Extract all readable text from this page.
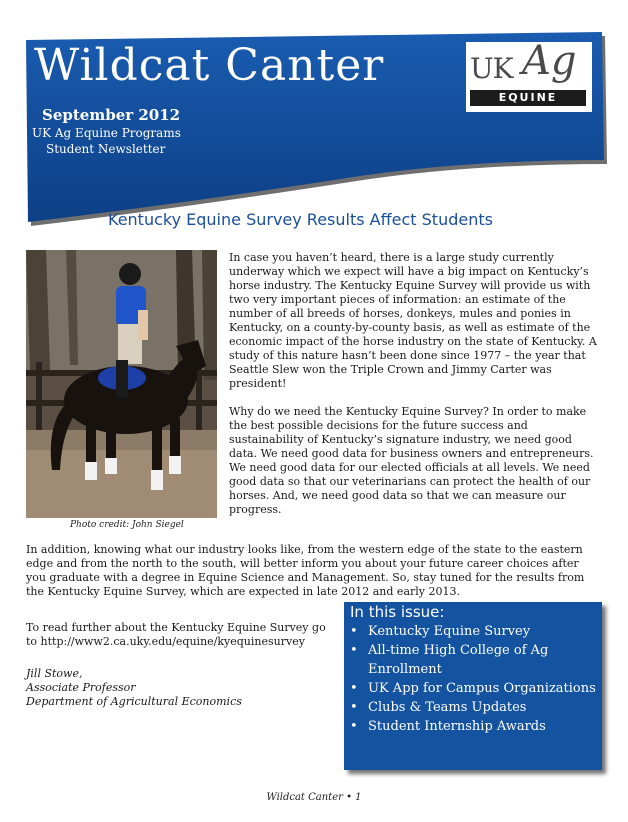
Wildcat Canter
September 2012
UK Ag Equine Programs
Student Newsletter
UK Ag
EQUINE
Kentucky Equine Survey Results Affect Students
Photo credit: John Siegel

In case you haven’t heard, there is a large study currently underway which we expect will have a big impact on Kentucky’s horse industry. The Kentucky Equine Survey will provide us with two very important pieces of information: an estimate of the number of all breeds of horses, donkeys, mules and ponies in Kentucky, on a county-by-county basis, as well as estimate of the economic impact of the horse industry on the state of Kentucky. A study of this nature hasn’t been done since 1977 – the year that Seattle Slew won the Triple Crown and Jimmy Carter was president!

Why do we need the Kentucky Equine Survey? In order to make the best possible decisions for the future success and sustainability of Kentucky’s signature industry, we need good data. We need good data for business owners and entrepreneurs. We need good data for our elected officials at all levels. We need good data so that our veterinarians can protect the health of our horses. And, we need good data so that we can measure our progress.

In addition, knowing what our industry looks like, from the western edge of the state to the eastern edge and from the north to the south, will better inform you about your future career choices after you graduate with a degree in Equine Science and Management. So, stay tuned for the results from the Kentucky Equine Survey, which are expected in late 2012 and early 2013.

To read further about the Kentucky Equine Survey go to http://www2.ca.uky.edu/equine/kyequinesurvey

Jill Stowe,
Associate Professor
Department of Agricultural Economics
In this issue:
• Kentucky Equine Survey
• All-time High College of Ag Enrollment
• UK App for Campus Organizations
• Clubs & Teams Updates
• Student Internship Awards
Wildcat Canter • 1
